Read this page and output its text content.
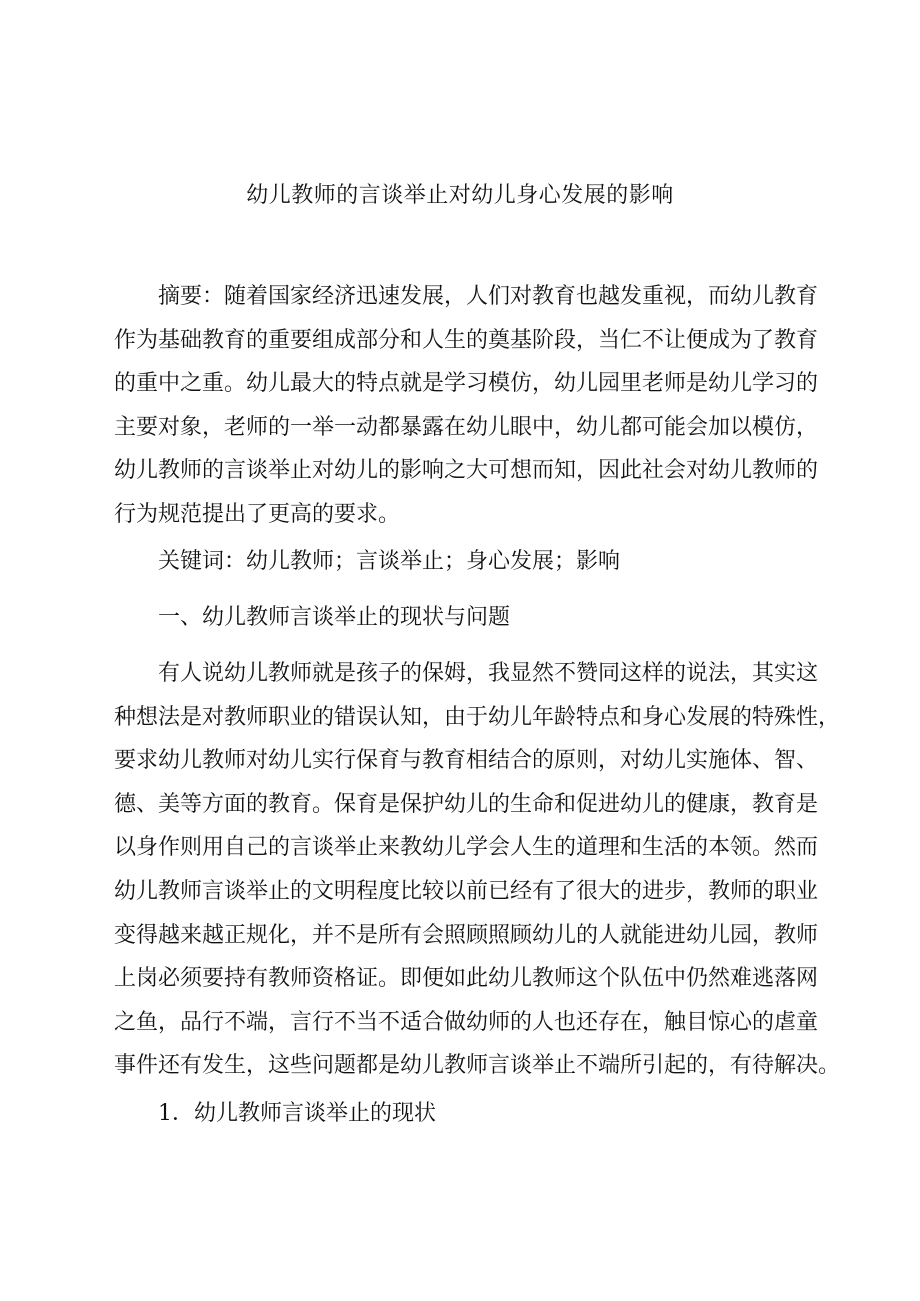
幼儿教师的言谈举止对幼儿身心发展的影响
摘要：随着国家经济迅速发展，人们对教育也越发重视，而幼儿教育
作为基础教育的重要组成部分和人生的奠基阶段，当仁不让便成为了教育
的重中之重。幼儿最大的特点就是学习模仿，幼儿园里老师是幼儿学习的
主要对象，老师的一举一动都暴露在幼儿眼中，幼儿都可能会加以模仿，
幼儿教师的言谈举止对幼儿的影响之大可想而知，因此社会对幼儿教师的
行为规范提出了更高的要求。
关键词：幼儿教师；言谈举止；身心发展；影响
一、幼儿教师言谈举止的现状与问题
有人说幼儿教师就是孩子的保姆，我显然不赞同这样的说法，其实这
种想法是对教师职业的错误认知，由于幼儿年龄特点和身心发展的特殊性，
要求幼儿教师对幼儿实行保育与教育相结合的原则，对幼儿实施体、智、
德、美等方面的教育。保育是保护幼儿的生命和促进幼儿的健康，教育是
以身作则用自己的言谈举止来教幼儿学会人生的道理和生活的本领。然而
幼儿教师言谈举止的文明程度比较以前已经有了很大的进步，教师的职业
变得越来越正规化，并不是所有会照顾照顾幼儿的人就能进幼儿园，教师
上岗必须要持有教师资格证。即便如此幼儿教师这个队伍中仍然难逃落网
之鱼，品行不端，言行不当不适合做幼师的人也还存在，触目惊心的虐童
事件还有发生，这些问题都是幼儿教师言谈举止不端所引起的，有待解决。
1．幼儿教师言谈举止的现状
